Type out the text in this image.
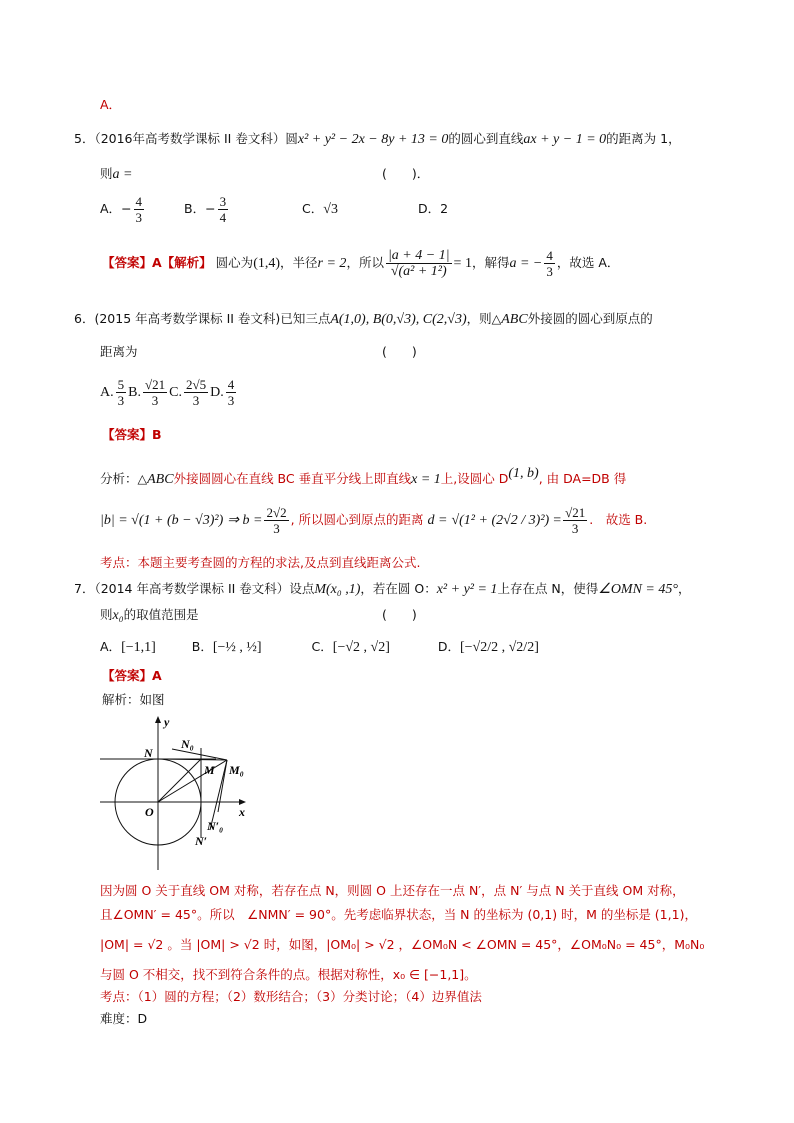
A．
5．（2016年高考数学课标 II 卷文科）圆x² + y² − 2x − 8y + 13 = 0的圆心到直线ax + y − 1 = 0的距离为 1，
则a =	(　　)．
A．− $\frac{4}{3}$	B．− $\frac{3}{4}$	C．√3	D．2
【答案】A【解析】 圆心为(1,4)，半径r = 2，所以 $\frac{|a + 4 - 1|}{\text{√(a² + 1²)}} = 1$，解得a = − $\frac{4}{3}$ ，故选 A．
6．(2015 年高考数学课标 II 卷文科)已知三点A(1,0), B(0,√3), C(2,√3)，则△ABC外接圆的圆心到原点的
距离为	(　　)
A. $\frac{5}{3} B$. $\frac{√21}{3} C$. $\frac{2√5}{3} D$. $\frac{4}{3}$
【答案】B
分析：△ABC外接圆圆心在直线 BC 垂直平分线上即直线x = 1上,设圆心 D(1, b), 由 DA=DB 得
|b| = √(1 + (b − √3)²) ⇒ $b = \frac{2√2}{3}$ , 所以圆心到原点的距离 $d = √(1^2 + (2√2 / 3)^2) = \frac{√21}{3}$ .　故选 B.
考点：本题主要考查圆的方程的求法,及点到直线距离公式.
7．（2014 年高考数学课标 II 卷文科）设点M(x₀ ,1)，若在圆 O：x² + y² = 1上存在点 N，使得∠OMN = 45°，
则x₀的取值范围是	(　　)
A．[−1,1]	B．[−½ , ½]	C．[−√2 , √2]	D．[−√2/2 , √2/2]
【答案】A
解析：如图
y
x
O
N
N₀
M M₀
N′₀
N′
因为圆 O 关于直线 OM 对称，若存在点 N，则圆 O 上还存在一点 N′，点 N′ 与点 N 关于直线 OM 对称，
且∠OMN′ = 45°。所以　∠NMN′ = 90°。先考虑临界状态，当 N 的坐标为 (0,1) 时，M 的坐标是 (1,1)，
|OM| = √2 。当 |OM| > √2 时，如图，|OM₀| > √2 ，∠OM₀N < ∠OMN = 45°，∠OM₀N₀ = 45°，M₀N₀
与圆 O 不相交，找不到符合条件的点。根据对称性，x₀ ∈ [−1,1]。
考点：（1）圆的方程；（2）数形结合；（3）分类讨论；（4）边界值法
难度：D
